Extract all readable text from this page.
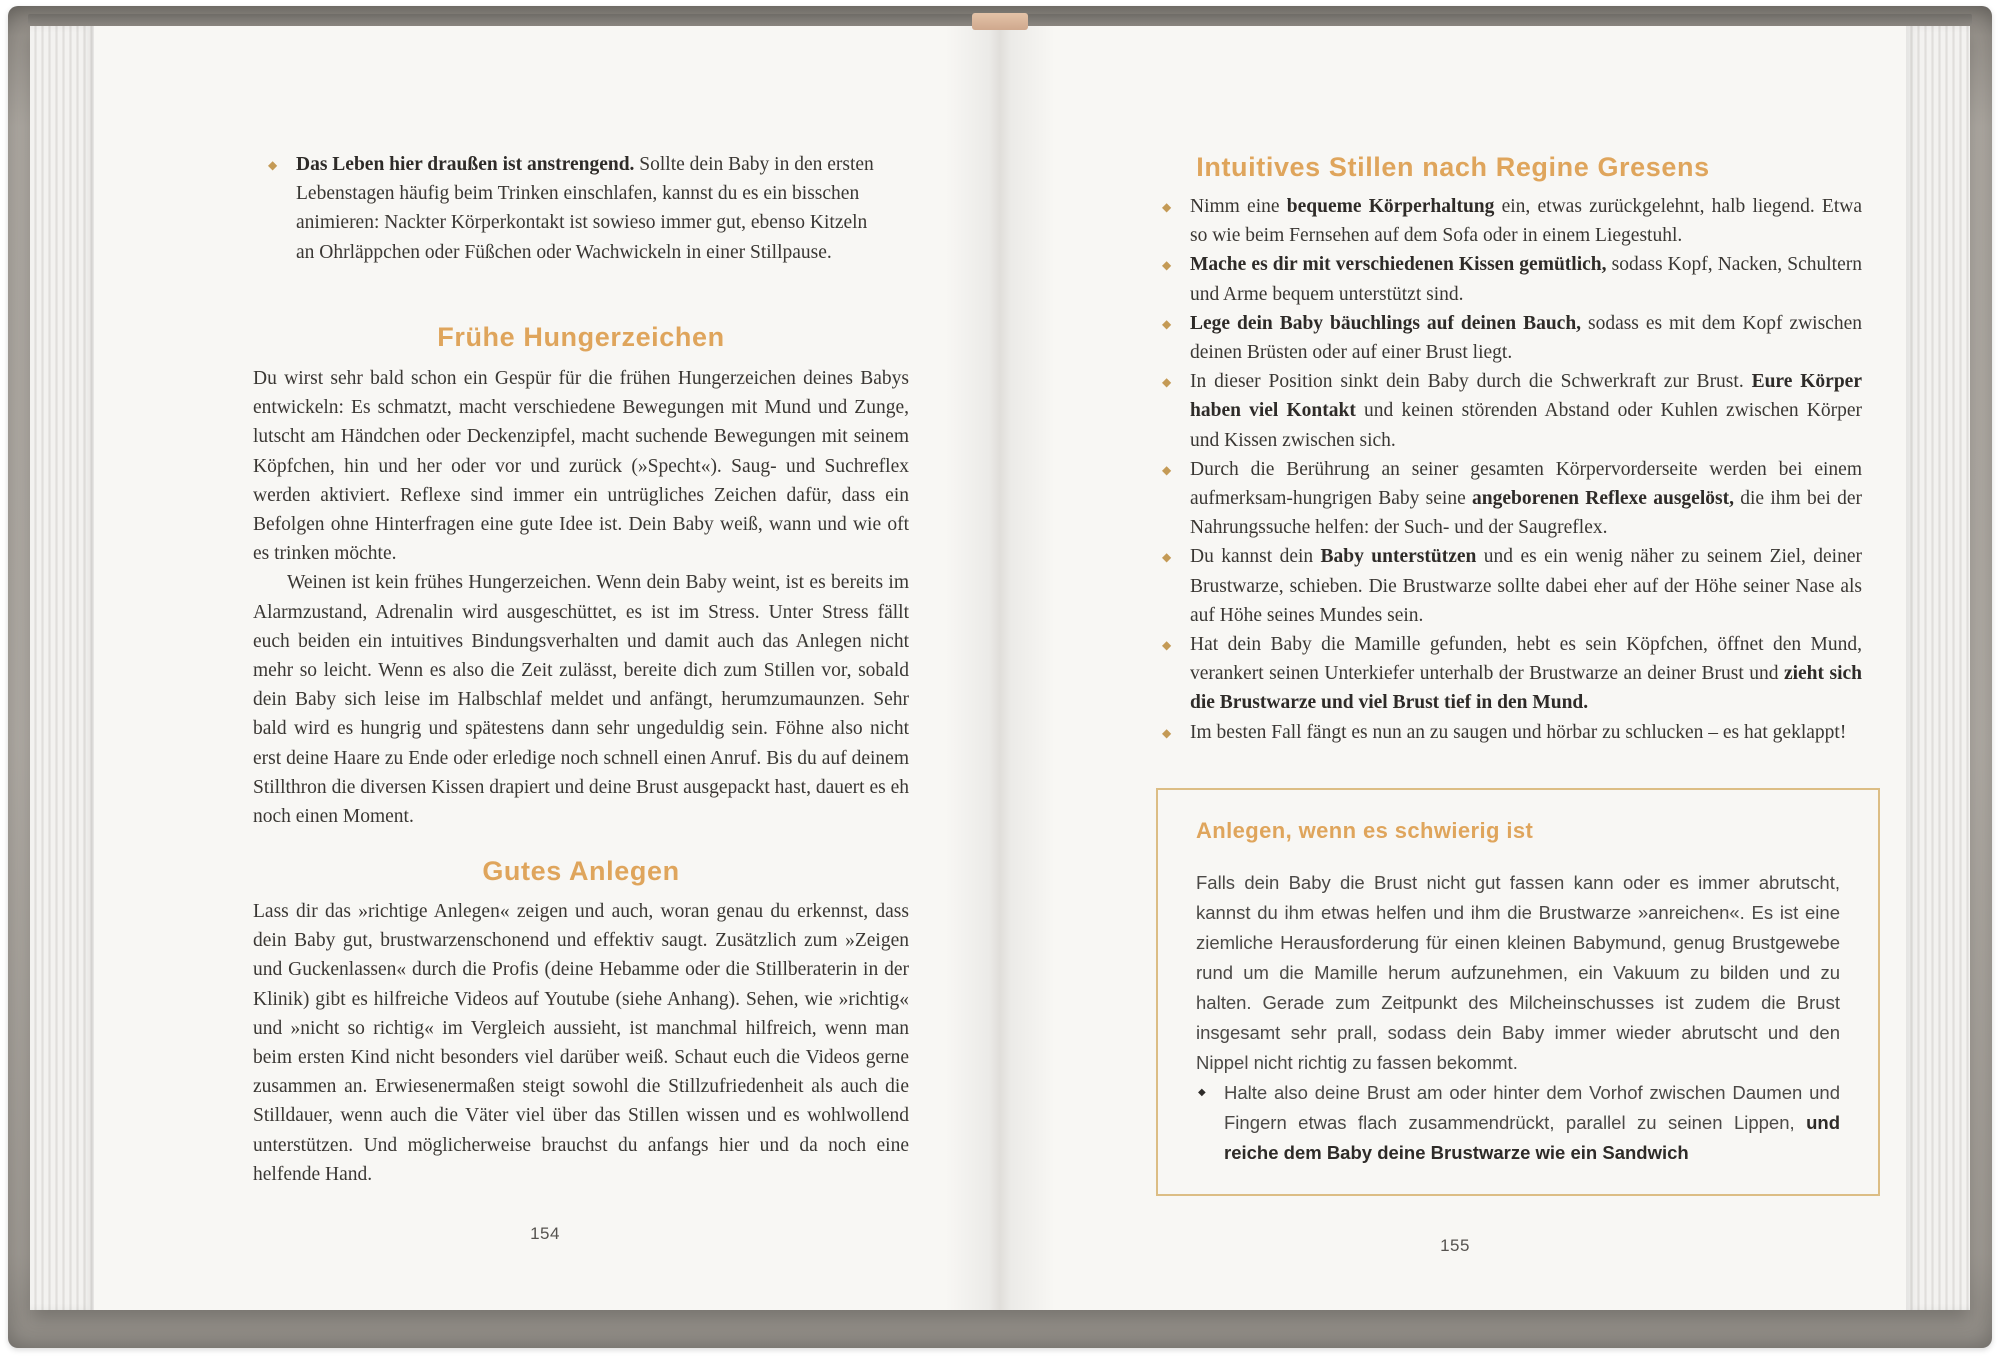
◆ Das Leben hier draußen ist anstrengend. Sollte dein Baby in den ersten Lebenstagen häufig beim Trinken einschlafen, kannst du es ein bisschen animieren: Nackter Körperkontakt ist sowieso immer gut, ebenso Kitzeln an Ohrläppchen oder Füßchen oder Wachwickeln in einer Stillpause.
Frühe Hungerzeichen

Du wirst sehr bald schon ein Gespür für die frühen Hungerzeichen deines Babys entwickeln: Es schmatzt, macht verschiedene Bewegungen mit Mund und Zunge, lutscht am Händchen oder Deckenzipfel, macht suchende Bewegungen mit seinem Köpfchen, hin und her oder vor und zurück (»Specht«). Saug- und Suchreflex werden aktiviert. Reflexe sind immer ein untrügliches Zeichen dafür, dass ein Befolgen ohne Hinterfragen eine gute Idee ist. Dein Baby weiß, wann und wie oft es trinken möchte.

Weinen ist kein frühes Hungerzeichen. Wenn dein Baby weint, ist es bereits im Alarmzustand, Adrenalin wird ausgeschüttet, es ist im Stress. Unter Stress fällt euch beiden ein intuitives Bindungsverhalten und damit auch das Anlegen nicht mehr so leicht. Wenn es also die Zeit zulässt, bereite dich zum Stillen vor, sobald dein Baby sich leise im Halbschlaf meldet und anfängt, herumzumaunzen. Sehr bald wird es hungrig und spätestens dann sehr ungeduldig sein. Föhne also nicht erst deine Haare zu Ende oder erledige noch schnell einen Anruf. Bis du auf deinem Stillthron die diversen Kissen drapiert und deine Brust ausgepackt hast, dauert es eh noch einen Moment.

Gutes Anlegen

Lass dir das »richtige Anlegen« zeigen und auch, woran genau du erkennst, dass dein Baby gut, brustwarzenschonend und effektiv saugt. Zusätzlich zum »Zeigen und Guckenlassen« durch die Profis (deine Hebamme oder die Stillberaterin in der Klinik) gibt es hilfreiche Videos auf Youtube (siehe Anhang). Sehen, wie »richtig« und »nicht so richtig« im Vergleich aussieht, ist manchmal hilfreich, wenn man beim ersten Kind nicht besonders viel darüber weiß. Schaut euch die Videos gerne zusammen an. Erwiesenermaßen steigt sowohl die Stillzufriedenheit als auch die Stilldauer, wenn auch die Väter viel über das Stillen wissen und es wohlwollend unterstützen. Und möglicherweise brauchst du anfangs hier und da noch eine helfende Hand.

154
Intuitives Stillen nach Regine Gresens
◆ Nimm eine bequeme Körperhaltung ein, etwas zurückgelehnt, halb liegend. Etwa so wie beim Fernsehen auf dem Sofa oder in einem Liegestuhl.
◆ Mache es dir mit verschiedenen Kissen gemütlich, sodass Kopf, Nacken, Schultern und Arme bequem unterstützt sind.
◆ Lege dein Baby bäuchlings auf deinen Bauch, sodass es mit dem Kopf zwischen deinen Brüsten oder auf einer Brust liegt.
◆ In dieser Position sinkt dein Baby durch die Schwerkraft zur Brust. Eure Körper haben viel Kontakt und keinen störenden Abstand oder Kuhlen zwischen Körper und Kissen zwischen sich.
◆ Durch die Berührung an seiner gesamten Körpervorderseite werden bei einem aufmerksam-hungrigen Baby seine angeborenen Reflexe ausgelöst, die ihm bei der Nahrungssuche helfen: der Such- und der Saugreflex.
◆ Du kannst dein Baby unterstützen und es ein wenig näher zu seinem Ziel, deiner Brustwarze, schieben. Die Brustwarze sollte dabei eher auf der Höhe seiner Nase als auf Höhe seines Mundes sein.
◆ Hat dein Baby die Mamille gefunden, hebt es sein Köpfchen, öffnet den Mund, verankert seinen Unterkiefer unterhalb der Brustwarze an deiner Brust und zieht sich die Brustwarze und viel Brust tief in den Mund.
◆ Im besten Fall fängt es nun an zu saugen und hörbar zu schlucken – es hat geklappt!

Anlegen, wenn es schwierig ist

Falls dein Baby die Brust nicht gut fassen kann oder es immer abrutscht, kannst du ihm etwas helfen und ihm die Brustwarze »anreichen«. Es ist eine ziemliche Herausforderung für einen kleinen Babymund, genug Brustgewebe rund um die Mamille herum aufzunehmen, ein Vakuum zu bilden und zu halten. Gerade zum Zeitpunkt des Milcheinschusses ist zudem die Brust insgesamt sehr prall, sodass dein Baby immer wieder abrutscht und den Nippel nicht richtig zu fassen bekommt.

◆ Halte also deine Brust am oder hinter dem Vorhof zwischen Daumen und Fingern etwas flach zusammendrückt, parallel zu seinen Lippen, und reiche dem Baby deine Brustwarze wie ein Sandwich
155
